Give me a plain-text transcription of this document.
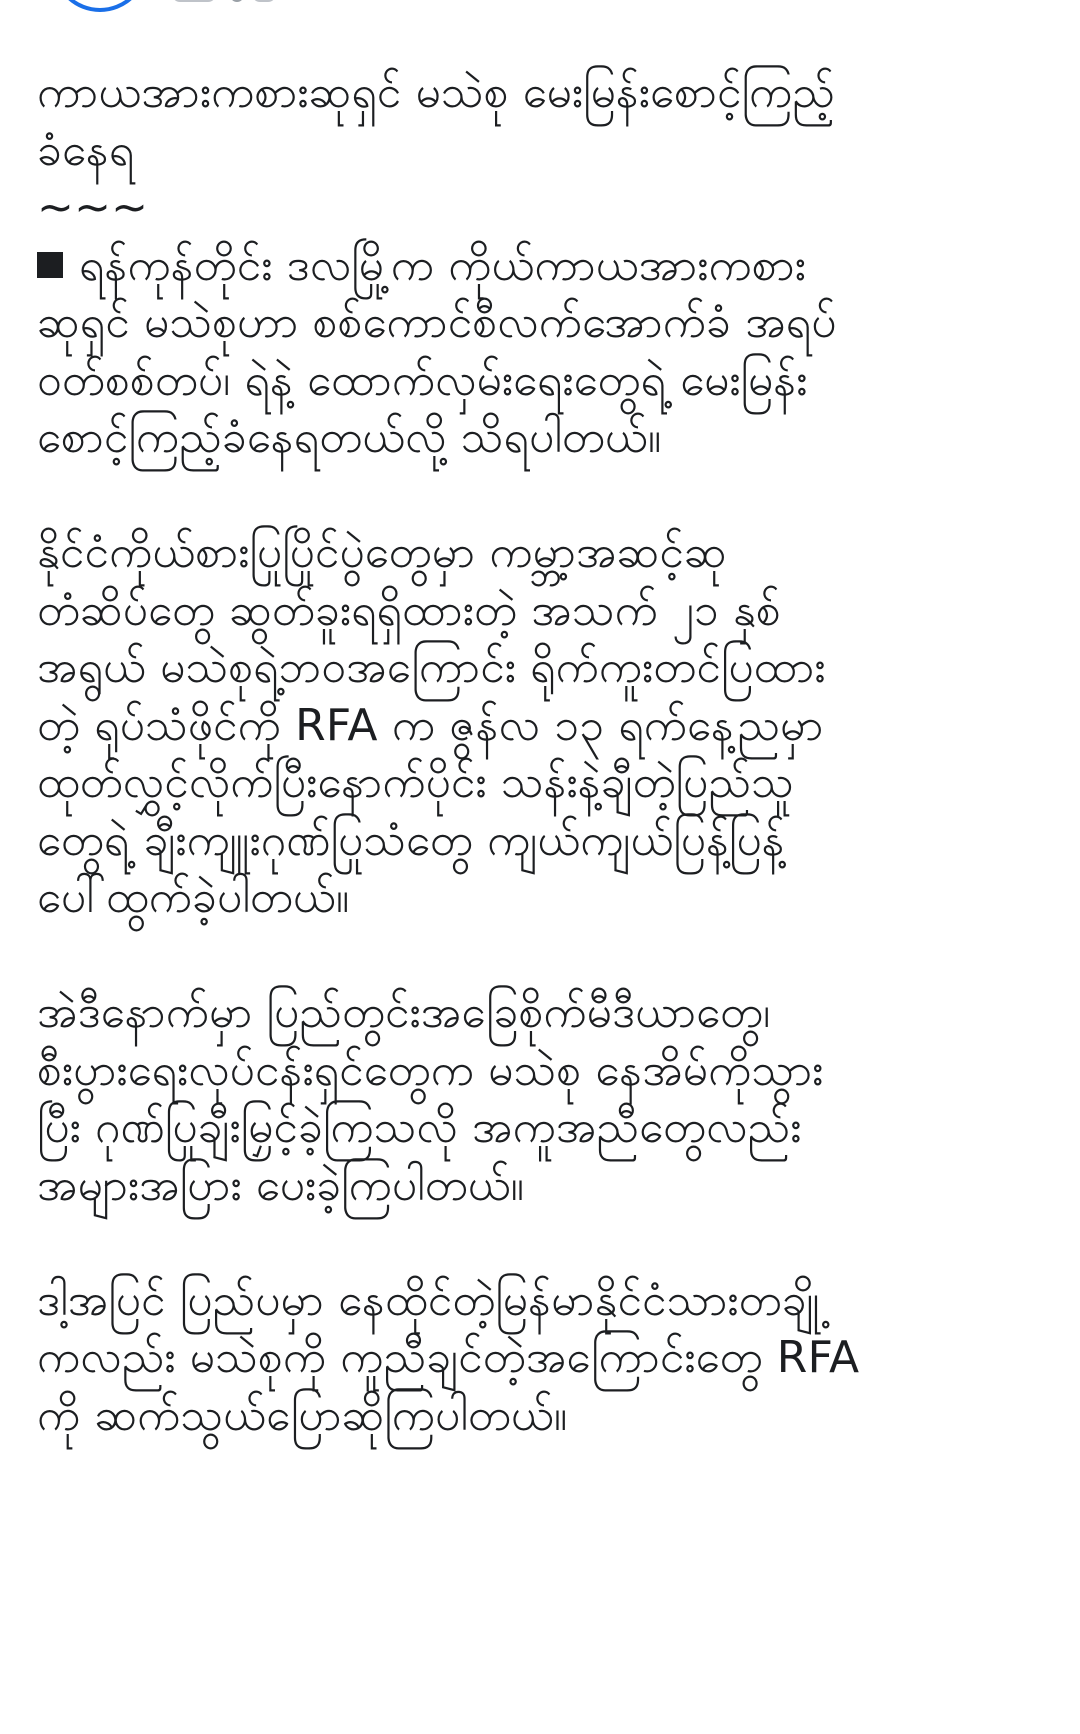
ကာယအားကစားဆုရှင် မသဲစု မေးမြန်းစောင့်ကြည့်
ခံနေရ
~~~
ရန်ကုန်တိုင်း ဒလမြို့က ကိုယ်ကာယအားကစား
ဆုရှင် မသဲစုဟာ စစ်ကောင်စီလက်အောက်ခံ အရပ်
ဝတ်စစ်တပ်၊ ရဲနဲ့ ထောက်လှမ်းရေးတွေရဲ့ မေးမြန်း
စောင့်ကြည့်ခံနေရတယ်လို့ သိရပါတယ်။
နိုင်ငံကိုယ်စားပြုပြိုင်ပွဲတွေမှာ ကမ္ဘာ့အဆင့်ဆု
တံဆိပ်တွေ ဆွတ်ခူးရရှိထားတဲ့ အသက် ၂၁ နှစ်
အရွယ် မသဲစုရဲ့ဘဝအကြောင်း ရိုက်ကူးတင်ပြထား
တဲ့ ရုပ်သံဖိုင်ကို RFA က ဇွန်လ ၁၃ ရက်နေ့ညမှာ
ထုတ်လွှင့်လိုက်ပြီးနောက်ပိုင်း သန်းနဲ့ချီတဲ့ပြည်သူ
တွေရဲ့ ချီးကျူးဂုဏ်ပြုသံတွေ ကျယ်ကျယ်ပြန့်ပြန့်
ပေါ်ထွက်ခဲ့ပါတယ်။
အဲဒီနောက်မှာ ပြည်တွင်းအခြေစိုက်မီဒီယာတွေ၊
စီးပွားရေးလုပ်ငန်းရှင်တွေက မသဲစု နေအိမ်ကိုသွား
ပြီး ဂုဏ်ပြုချီးမြှင့်ခဲ့ကြသလို အကူအညီတွေလည်း
အများအပြား ပေးခဲ့ကြပါတယ်။
ဒါ့အပြင် ပြည်ပမှာ နေထိုင်တဲ့မြန်မာနိုင်ငံသားတချို့
ကလည်း မသဲစုကို ကူညီချင်တဲ့အကြောင်းတွေ RFA
ကို ဆက်သွယ်ပြောဆိုကြပါတယ်။
